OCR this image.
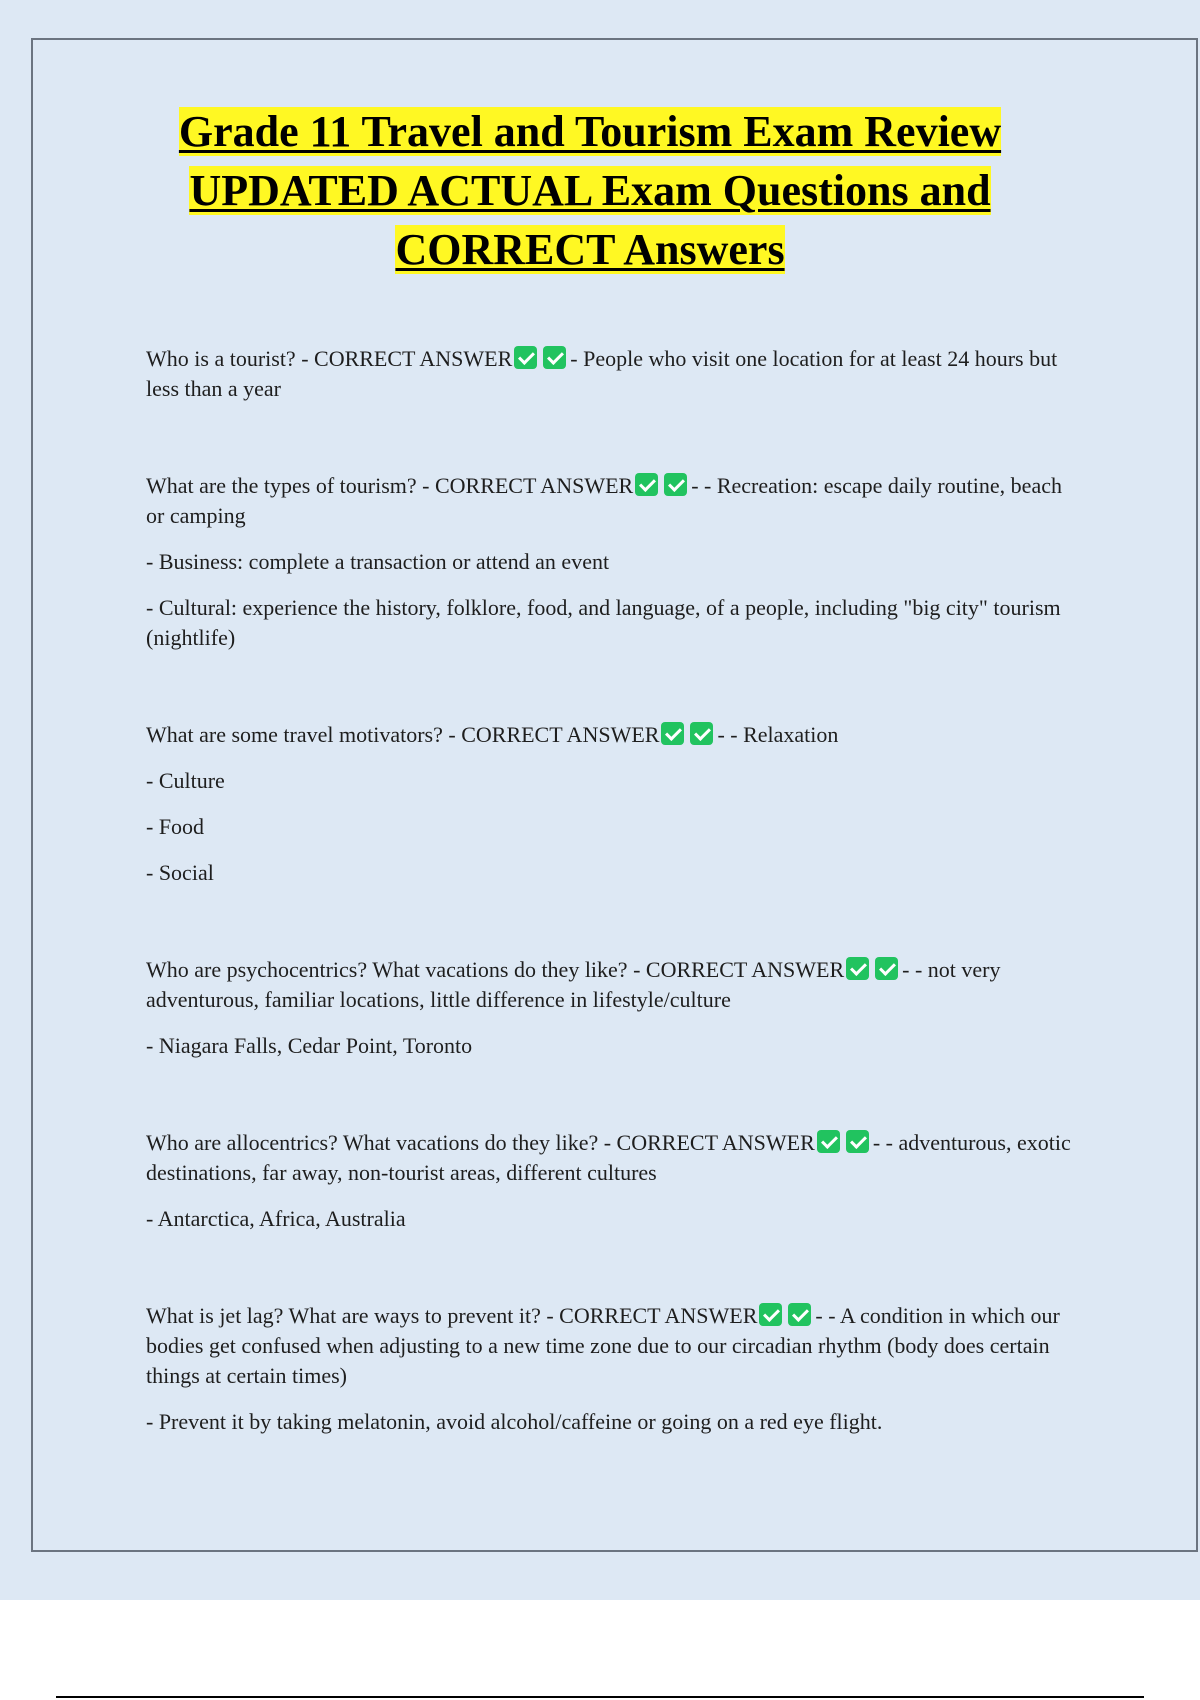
Grade 11 Travel and Tourism Exam Review
UPDATED ACTUAL Exam Questions and
CORRECT Answers

Who is a tourist? - CORRECT ANSWER	- People who visit one location for at least 24 hours but less than a year

What are the types of tourism? - CORRECT ANSWER	- - Recreation: escape daily routine, beach or camping

- Business: complete a transaction or attend an event

- Cultural: experience the history, folklore, food, and language, of a people, including "big city" tourism (nightlife)

What are some travel motivators? - CORRECT ANSWER	- - Relaxation

- Culture

- Food

- Social

Who are psychocentrics? What vacations do they like? - CORRECT ANSWER	- - not very adventurous, familiar locations, little difference in lifestyle/culture

- Niagara Falls, Cedar Point, Toronto

Who are allocentrics? What vacations do they like? - CORRECT ANSWER	- - adventurous, exotic destinations, far away, non-tourist areas, different cultures

- Antarctica, Africa, Australia

What is jet lag? What are ways to prevent it? - CORRECT ANSWER	- - A condition in which our bodies get confused when adjusting to a new time zone due to our circadian rhythm (body does certain things at certain times)

- Prevent it by taking melatonin, avoid alcohol/caffeine or going on a red eye flight.
